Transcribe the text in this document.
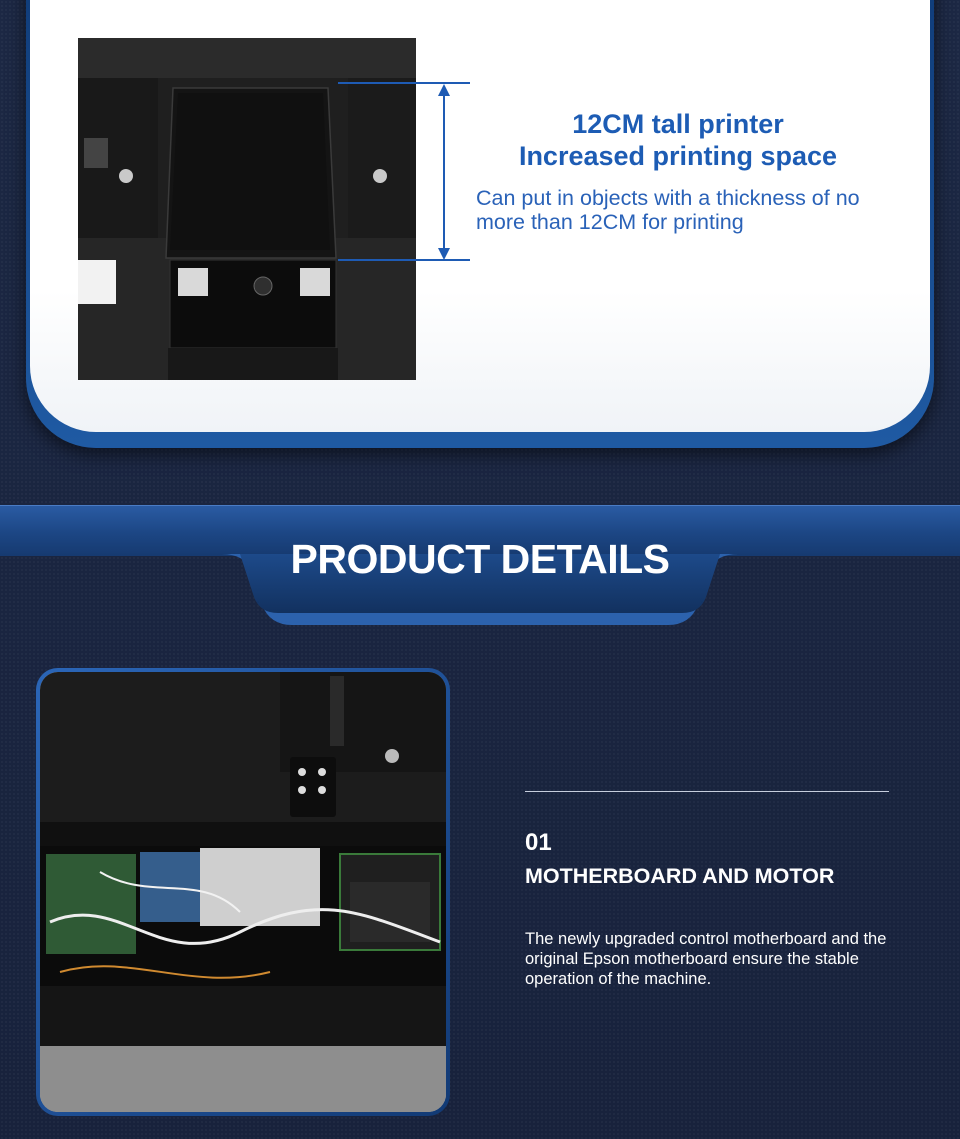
12CM tall printer
Increased printing space
Can put in objects with a thickness of no
more than 12CM for printing
PRODUCT DETAILS
01
MOTHERBOARD AND MOTOR
The newly upgraded control motherboard and the
original Epson motherboard ensure the stable
operation of the machine.
